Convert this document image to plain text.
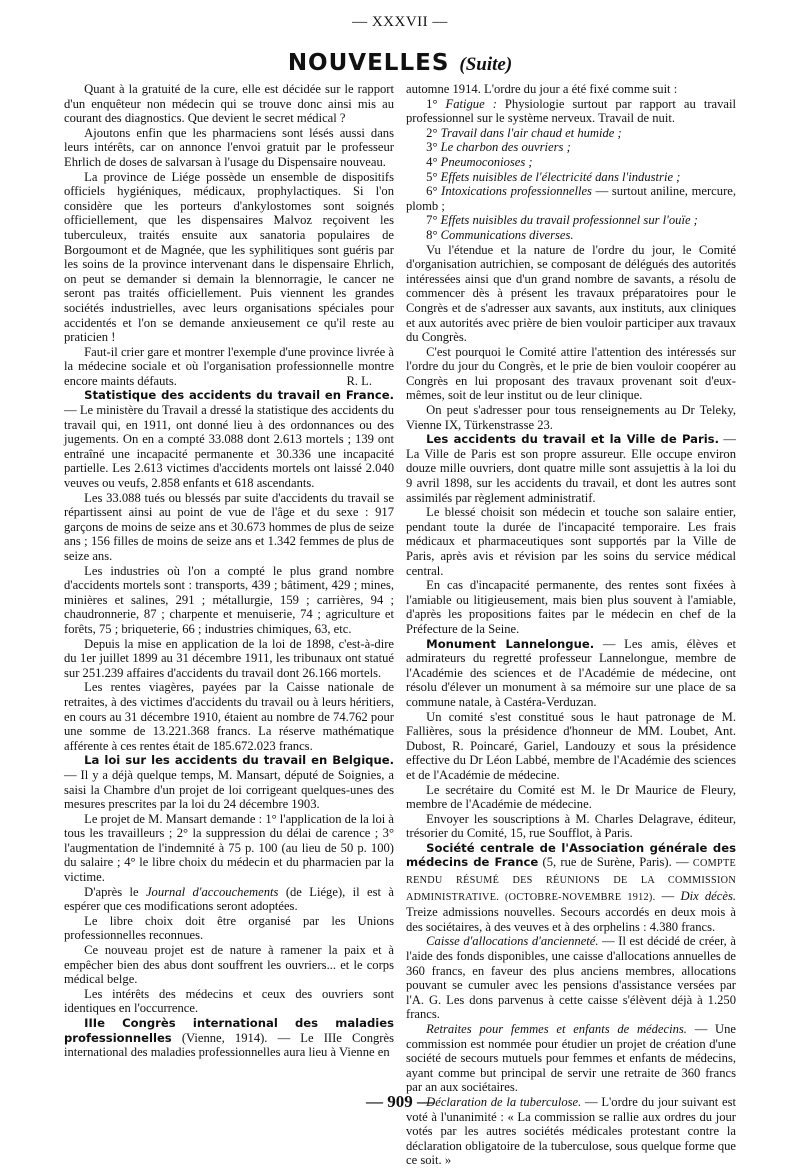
— XXXVII —
NOUVELLES (Suite)

Quant à la gratuité de la cure, elle est décidée sur le rapport d'un enquêteur non médecin qui se trouve donc ainsi mis au courant des diagnostics. Que devient le secret médical ?

Ajoutons enfin que les pharmaciens sont lésés aussi dans leurs intérêts, car on annonce l'envoi gratuit par le professeur Ehrlich de doses de salvarsan à l'usage du Dispensaire nouveau.

La province de Liége possède un ensemble de dispositifs officiels hygiéniques, médicaux, prophylactiques. Si l'on considère que les porteurs d'ankylostomes sont soignés officiellement, que les dispensaires Malvoz reçoivent les tuberculeux, traités ensuite aux sanatoria populaires de Borgoumont et de Magnée, que les syphilitiques sont guéris par les soins de la province intervenant dans le dispensaire Ehrlich, on peut se demander si demain la blennorragie, le cancer ne seront pas traités officiellement. Puis viennent les grandes sociétés industrielles, avec leurs organisations spéciales pour accidentés et l'on se demande anxieusement ce qu'il reste au praticien !

Faut-il crier gare et montrer l'exemple d'une province livrée à la médecine sociale et où l'organisation professionnelle montre encore maints défauts.	R. L.

Statistique des accidents du travail en France. — Le ministère du Travail a dressé la statistique des accidents du travail qui, en 1911, ont donné lieu à des ordonnances ou des jugements. On en a compté 33.088 dont 2.613 mortels ; 139 ont entraîné une incapacité permanente et 30.336 une incapacité partielle. Les 2.613 victimes d'accidents mortels ont laissé 2.040 veuves ou veufs, 2.858 enfants et 618 ascendants.

Les 33.088 tués ou blessés par suite d'accidents du travail se répartissent ainsi au point de vue de l'âge et du sexe : 917 garçons de moins de seize ans et 30.673 hommes de plus de seize ans ; 156 filles de moins de seize ans et 1.342 femmes de plus de seize ans.

Les industries où l'on a compté le plus grand nombre d'accidents mortels sont : transports, 439 ; bâtiment, 429 ; mines, minières et salines, 291 ; métallurgie, 159 ; carrières, 94 ; chaudronnerie, 87 ; charpente et menuiserie, 74 ; agriculture et forêts, 75 ; briqueterie, 66 ; industries chimiques, 63, etc.

Depuis la mise en application de la loi de 1898, c'est-à-dire du 1er juillet 1899 au 31 décembre 1911, les tribunaux ont statué sur 251.239 affaires d'accidents du travail dont 26.166 mortels.

Les rentes viagères, payées par la Caisse nationale de retraites, à des victimes d'accidents du travail ou à leurs héritiers, en cours au 31 décembre 1910, étaient au nombre de 74.762 pour une somme de 13.221.368 francs. La réserve mathématique afférente à ces rentes était de 185.672.023 francs.

La loi sur les accidents du travail en Belgique. — Il y a déjà quelque temps, M. Mansart, député de Soignies, a saisi la Chambre d'un projet de loi corrigeant quelques-unes des mesures prescrites par la loi du 24 décembre 1903.

Le projet de M. Mansart demande : 1° l'application de la loi à tous les travailleurs ; 2° la suppression du délai de carence ; 3° l'augmentation de l'indemnité à 75 p. 100 (au lieu de 50 p. 100) du salaire ; 4° le libre choix du médecin et du pharmacien par la victime.

D'après le Journal d'accouchements (de Liége), il est à espérer que ces modifications seront adoptées.

Le libre choix doit être organisé par les Unions professionnelles reconnues.

Ce nouveau projet est de nature à ramener la paix et à empêcher bien des abus dont souffrent les ouvriers... et le corps médical belge.

Les intérêts des médecins et ceux des ouvriers sont identiques en l'occurrence.

IIIe Congrès international des maladies professionnelles (Vienne, 1914). — Le IIIe Congrès international des maladies professionnelles aura lieu à Vienne en

automne 1914. L'ordre du jour a été fixé comme suit :

1° Fatigue : Physiologie surtout par rapport au travail professionnel sur le système nerveux. Travail de nuit.

2° Travail dans l'air chaud et humide ;

3° Le charbon des ouvriers ;

4° Pneumoconioses ;

5° Effets nuisibles de l'électricité dans l'industrie ;

6° Intoxications professionnelles — surtout aniline, mercure, plomb ;

7° Effets nuisibles du travail professionnel sur l'ouïe ;

8° Communications diverses.

Vu l'étendue et la nature de l'ordre du jour, le Comité d'organisation autrichien, se composant de délégués des autorités intéressées ainsi que d'un grand nombre de savants, a résolu de commencer dès à présent les travaux préparatoires pour le Congrès et de s'adresser aux savants, aux instituts, aux cliniques et aux autorités avec prière de bien vouloir participer aux travaux du Congrès.

C'est pourquoi le Comité attire l'attention des intéressés sur l'ordre du jour du Congrès, et le prie de bien vouloir coopérer au Congrès en lui proposant des travaux provenant soit d'eux-mêmes, soit de leur institut ou de leur clinique.

On peut s'adresser pour tous renseignements au Dr Teleky, Vienne IX, Türkenstrasse 23.

Les accidents du travail et la Ville de Paris. — La Ville de Paris est son propre assureur. Elle occupe environ douze mille ouvriers, dont quatre mille sont assujettis à la loi du 9 avril 1898, sur les accidents du travail, et dont les autres sont assimilés par règlement administratif.

Le blessé choisit son médecin et touche son salaire entier, pendant toute la durée de l'incapacité temporaire. Les frais médicaux et pharmaceutiques sont supportés par la Ville de Paris, après avis et révision par les soins du service médical central.

En cas d'incapacité permanente, des rentes sont fixées à l'amiable ou litigieusement, mais bien plus souvent à l'amiable, d'après les propositions faites par le médecin en chef de la Préfecture de la Seine.

Monument Lannelongue. — Les amis, élèves et admirateurs du regretté professeur Lannelongue, membre de l'Académie des sciences et de l'Académie de médecine, ont résolu d'élever un monument à sa mémoire sur une place de sa commune natale, à Castéra-Verduzan.

Un comité s'est constitué sous le haut patronage de M. Fallières, sous la présidence d'honneur de MM. Loubet, Ant. Dubost, R. Poincaré, Gariel, Landouzy et sous la présidence effective du Dr Léon Labbé, membre de l'Académie des sciences et de l'Académie de médecine.

Le secrétaire du Comité est M. le Dr Maurice de Fleury, membre de l'Académie de médecine.

Envoyer les souscriptions à M. Charles Delagrave, éditeur, trésorier du Comité, 15, rue Soufflot, à Paris.

Société centrale de l'Association générale des médecins de France (5, rue de Surène, Paris). — COMPTE RENDU RÉSUMÉ DES RÉUNIONS DE LA COMMISSION ADMINISTRATIVE. (OCTOBRE-NOVEMBRE 1912). — Dix décès. Treize admissions nouvelles. Secours accordés en deux mois à des sociétaires, à des veuves et à des orphelins : 4.380 francs.

Caisse d'allocations d'ancienneté. — Il est décidé de créer, à l'aide des fonds disponibles, une caisse d'allocations annuelles de 360 francs, en faveur des plus anciens membres, allocations pouvant se cumuler avec les pensions d'assistance versées par l'A. G. Les dons parvenus à cette caisse s'élèvent déjà à 1.250 francs.

Retraites pour femmes et enfants de médecins. — Une commission est nommée pour étudier un projet de création d'une société de secours mutuels pour femmes et enfants de médecins, ayant comme but principal de servir une retraite de 360 francs par an aux sociétaires.

Déclaration de la tuberculose. — L'ordre du jour suivant est voté à l'unanimité : « La commission se rallie aux ordres du jour votés par les autres sociétés médicales protestant contre la déclaration obligatoire de la tuberculose, sous quelque forme que ce soit. »

— 909 —
